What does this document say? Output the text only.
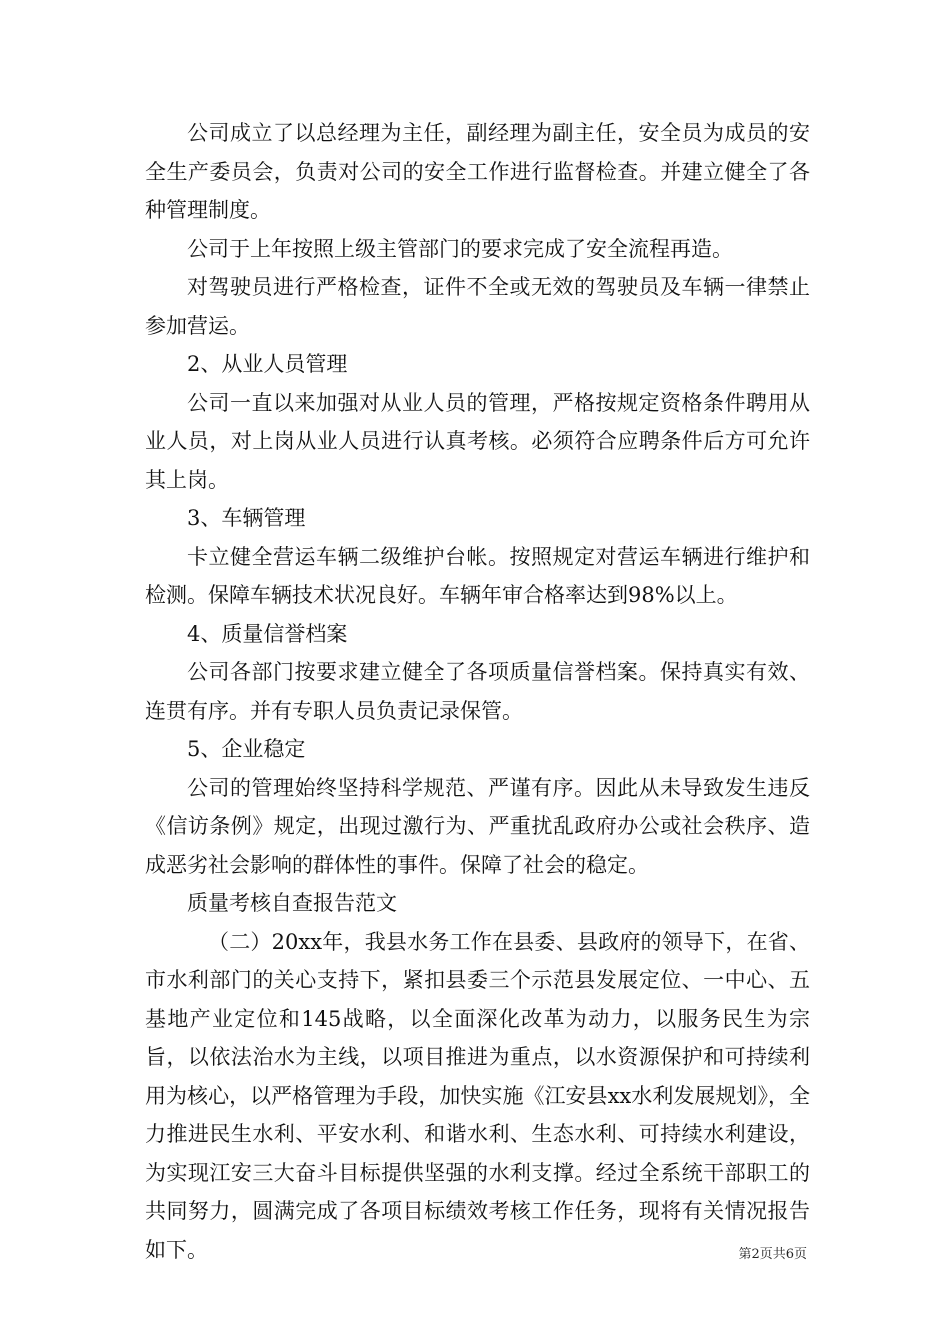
公司成立了以总经理为主任，副经理为副主任，安全员为成员的安全生产委员会，负责对公司的安全工作进行监督检查。并建立健全了各种管理制度。

公司于上年按照上级主管部门的要求完成了安全流程再造。

对驾驶员进行严格检查，证件不全或无效的驾驶员及车辆一律禁止参加营运。

2、从业人员管理

公司一直以来加强对从业人员的管理，严格按规定资格条件聘用从业人员，对上岗从业人员进行认真考核。必须符合应聘条件后方可允许其上岗。

3、车辆管理

卡立健全营运车辆二级维护台帐。按照规定对营运车辆进行维护和检测。保障车辆技术状况良好。车辆年审合格率达到98%以上。

4、质量信誉档案

公司各部门按要求建立健全了各项质量信誉档案。保持真实有效、连贯有序。并有专职人员负责记录保管。

5、企业稳定

公司的管理始终坚持科学规范、严谨有序。因此从未导致发生违反《信访条例》规定，出现过激行为、严重扰乱政府办公或社会秩序、造成恶劣社会影响的群体性的事件。保障了社会的稳定。

质量考核自查报告范文

（二）20xx年，我县水务工作在县委、县政府的领导下，在省、市水利部门的关心支持下，紧扣县委三个示范县发展定位、一中心、五基地产业定位和145战略，以全面深化改革为动力，以服务民生为宗旨，以依法治水为主线，以项目推进为重点，以水资源保护和可持续利用为核心，以严格管理为手段，加快实施《江安县xx水利发展规划》，全力推进民生水利、平安水利、和谐水利、生态水利、可持续水利建设，为实现江安三大奋斗目标提供坚强的水利支撑。经过全系统干部职工的共同努力，圆满完成了各项目标绩效考核工作任务，现将有关情况报告如下。	第2页共6页
